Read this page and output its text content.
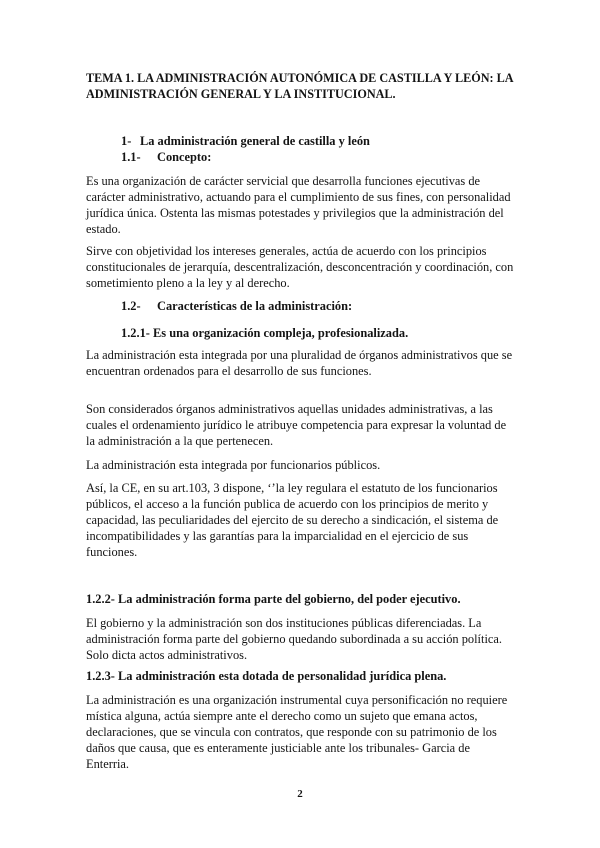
TEMA 1. LA ADMINISTRACIÓN AUTONÓMICA DE CASTILLA Y LEÓN: LA ADMINISTRACIÓN GENERAL Y LA INSTITUCIONAL.

1- La administración general de castilla y león

1.1- Concepto:

Es una organización de carácter servicial que desarrolla funciones ejecutivas de carácter administrativo, actuando para el cumplimiento de sus fines, con personalidad jurídica única. Ostenta las mismas potestades y privilegios que la administración del estado.

Sirve con objetividad los intereses generales, actúa de acuerdo con los principios constitucionales de jerarquía, descentralización, desconcentración y coordinación, con sometimiento pleno a la ley y al derecho.

1.2- Características de la administración:

1.2.1- Es una organización compleja, profesionalizada.

La administración esta integrada por una pluralidad de órganos administrativos que se encuentran ordenados para el desarrollo de sus funciones.

Son considerados órganos administrativos aquellas unidades administrativas, a las cuales el ordenamiento jurídico le atribuye competencia para expresar la voluntad de la administración a la que pertenecen.

La administración esta integrada por funcionarios públicos.

Así, la CE, en su art.103, 3 dispone, ‘’la ley regulara el estatuto de los funcionarios públicos, el acceso a la función publica de acuerdo con los principios de merito y capacidad, las peculiaridades del ejercito de su derecho a sindicación, el sistema de incompatibilidades y las garantías para la imparcialidad en el ejercicio de sus funciones.

1.2.2- La administración forma parte del gobierno, del poder ejecutivo.

El gobierno y la administración son dos instituciones públicas diferenciadas. La administración forma parte del gobierno quedando subordinada a su acción política. Solo dicta actos administrativos.

1.2.3- La administración esta dotada de personalidad jurídica plena.

La administración es una organización instrumental cuya personificación no requiere mística alguna, actúa siempre ante el derecho como un sujeto que emana actos, declaraciones, que se vincula con contratos, que responde con su patrimonio de los daños que causa, que es enteramente justiciable ante los tribunales- Garcia de Enterria.

2
